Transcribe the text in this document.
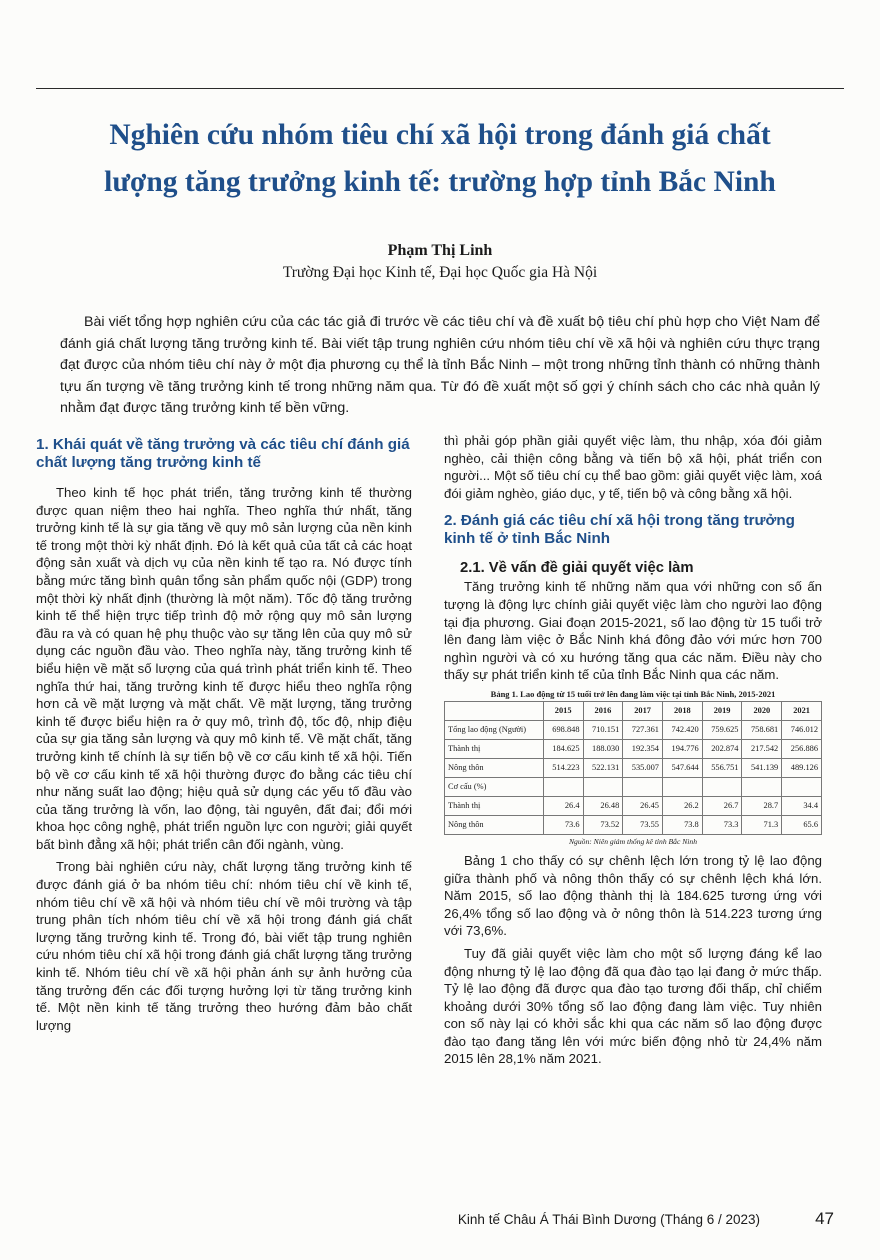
Nghiên cứu nhóm tiêu chí xã hội trong đánh giá chất
lượng tăng trưởng kinh tế: trường hợp tỉnh Bắc Ninh
Phạm Thị Linh
Trường Đại học Kinh tế, Đại học Quốc gia Hà Nội

Bài viết tổng hợp nghiên cứu của các tác giả đi trước về các tiêu chí và đề xuất bộ tiêu chí phù hợp cho Việt Nam để đánh giá chất lượng tăng trưởng kinh tế. Bài viết tập trung nghiên cứu nhóm tiêu chí về xã hội và nghiên cứu thực trạng đạt được của nhóm tiêu chí này ở một địa phương cụ thể là tỉnh Bắc Ninh – một trong những tỉnh thành có những thành tựu ấn tượng về tăng trưởng kinh tế trong những năm qua. Từ đó đề xuất một số gợi ý chính sách cho các nhà quản lý nhằm đạt được tăng trưởng kinh tế bền vững.

1. Khái quát về tăng trưởng và các tiêu chí đánh giá chất lượng tăng trưởng kinh tế

Theo kinh tế học phát triển, tăng trưởng kinh tế thường được quan niệm theo hai nghĩa. Theo nghĩa thứ nhất, tăng trưởng kinh tế là sự gia tăng về quy mô sản lượng của nền kinh tế trong một thời kỳ nhất định. Đó là kết quả của tất cả các hoạt động sản xuất và dịch vụ của nền kinh tế tạo ra. Nó được tính bằng mức tăng bình quân tổng sản phẩm quốc nội (GDP) trong một thời kỳ nhất định (thường là một năm). Tốc độ tăng trưởng kinh tế thể hiện trực tiếp trình độ mở rộng quy mô sản lượng đầu ra và có quan hệ phụ thuộc vào sự tăng lên của quy mô sử dụng các nguồn đầu vào. Theo nghĩa này, tăng trưởng kinh tế biểu hiện về mặt số lượng của quá trình phát triển kinh tế. Theo nghĩa thứ hai, tăng trưởng kinh tế được hiểu theo nghĩa rộng hơn cả về mặt lượng và mặt chất. Về mặt lượng, tăng trưởng kinh tế được biểu hiện ra ở quy mô, trình độ, tốc độ, nhịp điệu của sự gia tăng sản lượng và quy mô kinh tế. Về mặt chất, tăng trưởng kinh tế chính là sự tiến bộ về cơ cấu kinh tế xã hội. Tiến bộ về cơ cấu kinh tế xã hội thường được đo bằng các tiêu chí như năng suất lao động; hiệu quả sử dụng các yếu tố đầu vào của tăng trưởng là vốn, lao động, tài nguyên, đất đai; đổi mới khoa học công nghệ, phát triển nguồn lực con người; giải quyết bất bình đẳng xã hội; phát triển cân đối ngành, vùng.

Trong bài nghiên cứu này, chất lượng tăng trưởng kinh tế được đánh giá ở ba nhóm tiêu chí: nhóm tiêu chí về kinh tế, nhóm tiêu chí về xã hội và nhóm tiêu chí về môi trường và tập trung phân tích nhóm tiêu chí về xã hội trong đánh giá chất lượng tăng trưởng kinh tế. Trong đó, bài viết tập trung nghiên cứu nhóm tiêu chí xã hội trong đánh giá chất lượng tăng trưởng kinh tế. Nhóm tiêu chí về xã hội phản ánh sự ảnh hưởng của tăng trưởng đến các đối tượng hưởng lợi từ tăng trưởng kinh tế. Một nền kinh tế tăng trưởng theo hướng đảm bảo chất lượng

thì phải góp phần giải quyết việc làm, thu nhập, xóa đói giảm nghèo, cải thiện công bằng và tiến bộ xã hội, phát triển con người... Một số tiêu chí cụ thể bao gồm: giải quyết việc làm, xoá đói giảm nghèo, giáo dục, y tế, tiến bộ và công bằng xã hội.

2. Đánh giá các tiêu chí xã hội trong tăng trưởng kinh tế ở tỉnh Bắc Ninh
2.1. Về vấn đề giải quyết việc làm

Tăng trưởng kinh tế những năm qua với những con số ấn tượng là động lực chính giải quyết việc làm cho người lao động tại địa phương. Giai đoạn 2015-2021, số lao động từ 15 tuổi trở lên đang làm việc ở Bắc Ninh khá đông đảo với mức hơn 700 nghìn người và có xu hướng tăng qua các năm. Điều này cho thấy sự phát triển kinh tế của tỉnh Bắc Ninh qua các năm.

Bảng 1. Lao động từ 15 tuổi trở lên đang làm việc tại tỉnh Bắc Ninh, 2015-2021
	2015	2016	2017	2018	2019	2020	2021
Tổng lao động (Người)	698.848	710.151	727.361	742.420	759.625	758.681	746.012
Thành thị	184.625	188.030	192.354	194.776	202.874	217.542	256.886
Nông thôn	514.223	522.131	535.007	547.644	556.751	541.139	489.126
Cơ cấu (%)							
Thành thị	26.4	26.48	26.45	26.2	26.7	28.7	34.4
Nông thôn	73.6	73.52	73.55	73.8	73.3	71.3	65.6
Nguồn: Niên giám thống kê tỉnh Bắc Ninh

Bảng 1 cho thấy có sự chênh lệch lớn trong tỷ lệ lao động giữa thành phố và nông thôn thấy có sự chênh lệch khá lớn. Năm 2015, số lao động thành thị là 184.625 tương ứng với 26,4% tổng số lao động và ở nông thôn là 514.223 tương ứng với 73,6%.

Tuy đã giải quyết việc làm cho một số lượng đáng kể lao động nhưng tỷ lệ lao động đã qua đào tạo lại đang ở mức thấp. Tỷ lệ lao động đã được qua đào tạo tương đối thấp, chỉ chiếm khoảng dưới 30% tổng số lao động đang làm việc. Tuy nhiên con số này lại có khởi sắc khi qua các năm số lao động được đào tạo đang tăng lên với mức biến động nhỏ từ 24,4% năm 2015 lên 28,1% năm 2021.

Kinh tế Châu Á Thái Bình Dương (Tháng 6 / 2023)	47
